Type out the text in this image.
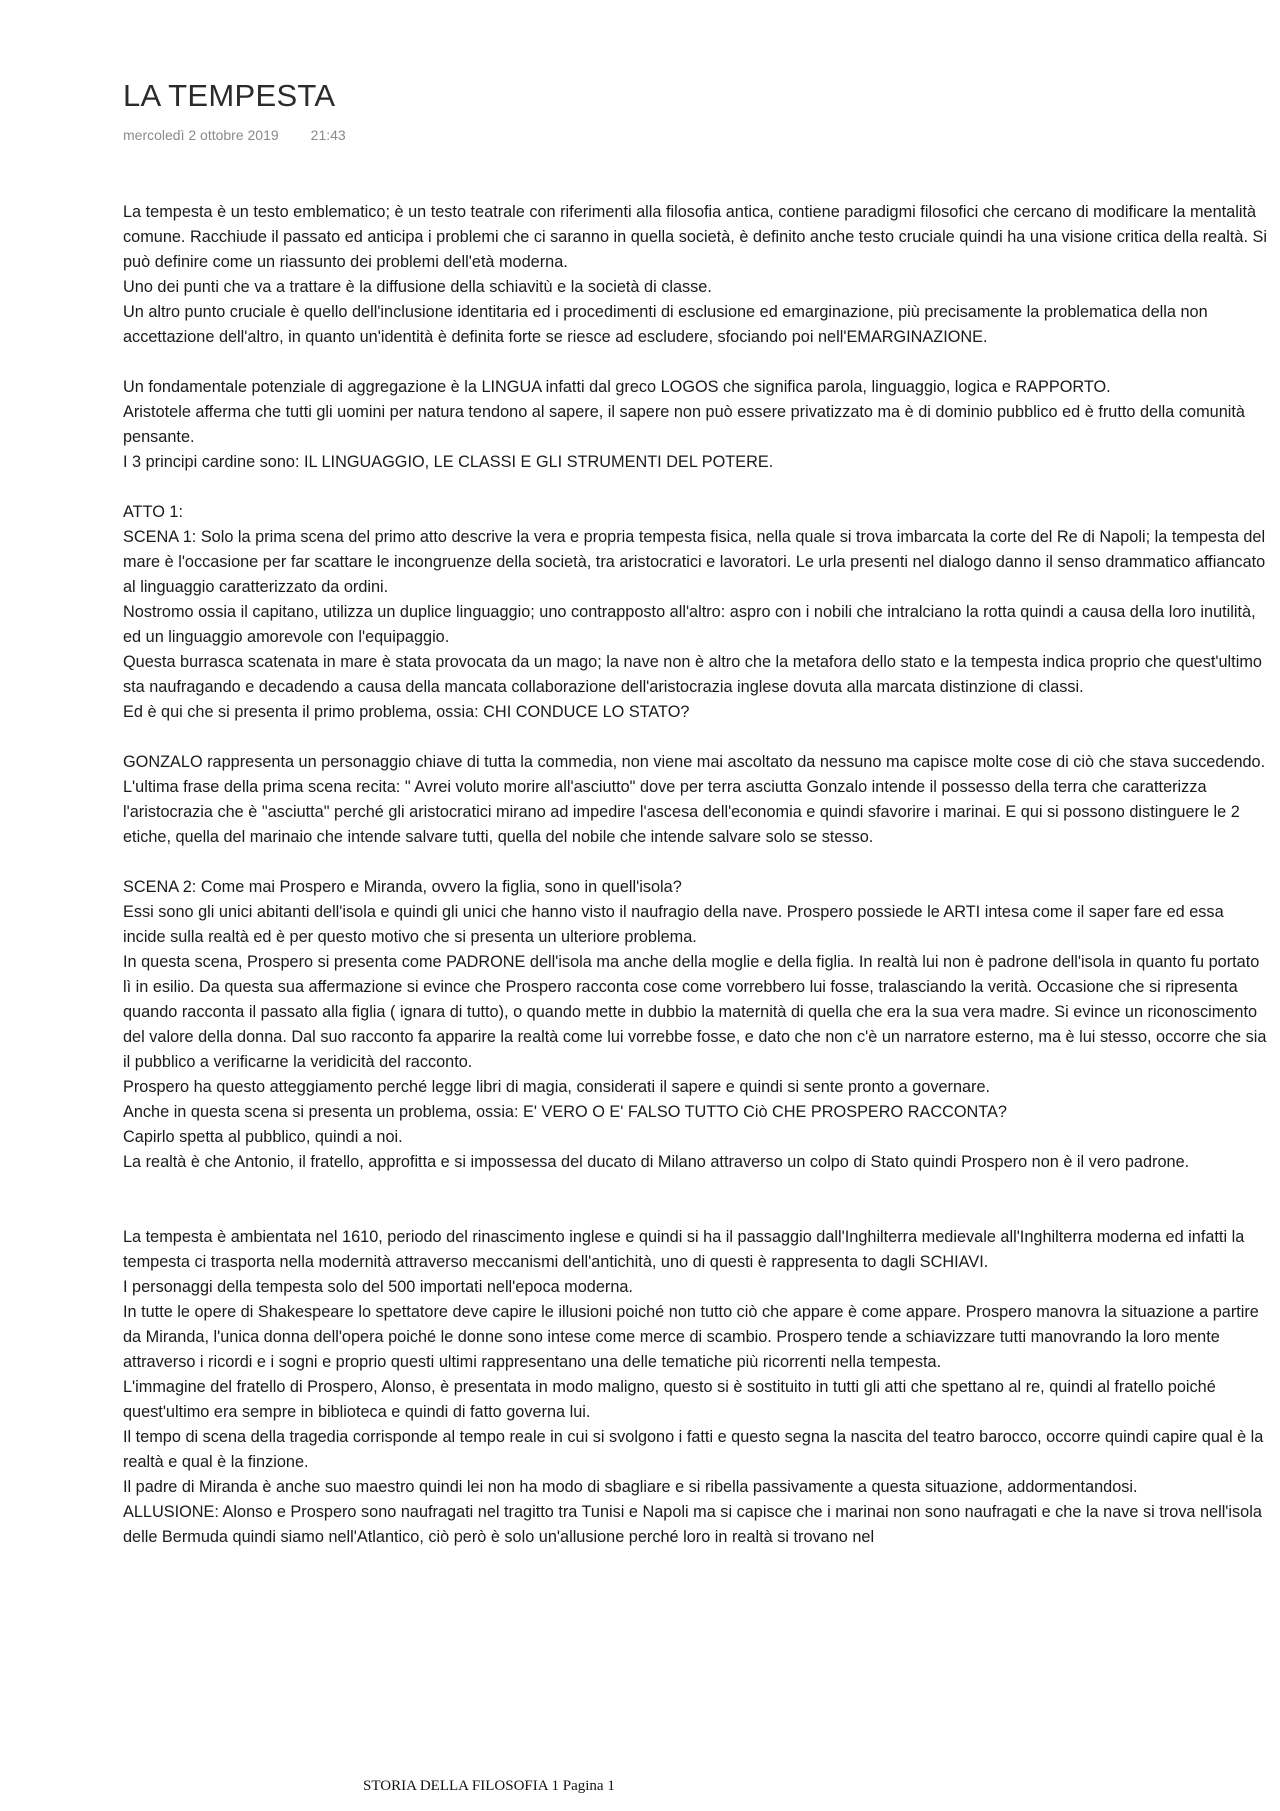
LA TEMPESTA
mercoledì 2 ottobre 2019 21:43

La tempesta è un testo emblematico; è un testo teatrale con riferimenti alla filosofia antica, contiene paradigmi filosofici che cercano di modificare la mentalità comune. Racchiude il passato ed anticipa i problemi che ci saranno in quella società, è definito anche testo cruciale quindi ha una visione critica della realtà. Si può definire come un riassunto dei problemi dell'età moderna.

Uno dei punti che va a trattare è la diffusione della schiavitù e la società di classe.

Un altro punto cruciale è quello dell'inclusione identitaria ed i procedimenti di esclusione ed emarginazione, più precisamente la problematica della non accettazione dell'altro, in quanto un'identità è definita forte se riesce ad escludere, sfociando poi nell'EMARGINAZIONE.

Un fondamentale potenziale di aggregazione è la LINGUA infatti dal greco LOGOS che significa parola, linguaggio, logica e RAPPORTO.

Aristotele afferma che tutti gli uomini per natura tendono al sapere, il sapere non può essere privatizzato ma è di dominio pubblico ed è frutto della comunità pensante.

I 3 principi cardine sono: IL LINGUAGGIO, LE CLASSI E GLI STRUMENTI DEL POTERE.

ATTO 1:

SCENA 1: Solo la prima scena del primo atto descrive la vera e propria tempesta fisica, nella quale si trova imbarcata la corte del Re di Napoli; la tempesta del mare è l'occasione per far scattare le incongruenze della società, tra aristocratici e lavoratori. Le urla presenti nel dialogo danno il senso drammatico affiancato al linguaggio caratterizzato da ordini.

Nostromo ossia il capitano, utilizza un duplice linguaggio; uno contrapposto all'altro: aspro con i nobili che intralciano la rotta quindi a causa della loro inutilità, ed un linguaggio amorevole con l'equipaggio.

Questa burrasca scatenata in mare è stata provocata da un mago; la nave non è altro che la metafora dello stato e la tempesta indica proprio che quest'ultimo sta naufragando e decadendo a causa della mancata collaborazione dell'aristocrazia inglese dovuta alla marcata distinzione di classi.

Ed è qui che si presenta il primo problema, ossia: CHI CONDUCE LO STATO?

GONZALO rappresenta un personaggio chiave di tutta la commedia, non viene mai ascoltato da nessuno ma capisce molte cose di ciò che stava succedendo. L'ultima frase della prima scena recita: " Avrei voluto morire all'asciutto" dove per terra asciutta Gonzalo intende il possesso della terra che caratterizza l'aristocrazia che è "asciutta" perché gli aristocratici mirano ad impedire l'ascesa dell'economia e quindi sfavorire i marinai. E qui si possono distinguere le 2 etiche, quella del marinaio che intende salvare tutti, quella del nobile che intende salvare solo se stesso.

SCENA 2: Come mai Prospero e Miranda, ovvero la figlia, sono in quell'isola?

Essi sono gli unici abitanti dell'isola e quindi gli unici che hanno visto il naufragio della nave. Prospero possiede le ARTI intesa come il saper fare ed essa incide sulla realtà ed è per questo motivo che si presenta un ulteriore problema.

In questa scena, Prospero si presenta come PADRONE dell'isola ma anche della moglie e della figlia. In realtà lui non è padrone dell'isola in quanto fu portato lì in esilio. Da questa sua affermazione si evince che Prospero racconta cose come vorrebbero lui fosse, tralasciando la verità. Occasione che si ripresenta quando racconta il passato alla figlia ( ignara di tutto), o quando mette in dubbio la maternità di quella che era la sua vera madre. Si evince un riconoscimento del valore della donna. Dal suo racconto fa apparire la realtà come lui vorrebbe fosse, e dato che non c'è un narratore esterno, ma è lui stesso, occorre che sia il pubblico a verificarne la veridicità del racconto.

Prospero ha questo atteggiamento perché legge libri di magia, considerati il sapere e quindi si sente pronto a governare.

Anche in questa scena si presenta un problema, ossia: E' VERO O E' FALSO TUTTO Ciò CHE PROSPERO RACCONTA?

Capirlo spetta al pubblico, quindi a noi.

La realtà è che Antonio, il fratello, approfitta e si impossessa del ducato di Milano attraverso un colpo di Stato quindi Prospero non è il vero padrone.

La tempesta è ambientata nel 1610, periodo del rinascimento inglese e quindi si ha il passaggio dall'Inghilterra medievale all'Inghilterra moderna ed infatti la tempesta ci trasporta nella modernità attraverso meccanismi dell'antichità, uno di questi è rappresenta to dagli SCHIAVI.

I personaggi della tempesta solo del 500 importati nell'epoca moderna.

In tutte le opere di Shakespeare lo spettatore deve capire le illusioni poiché non tutto ciò che appare è come appare. Prospero manovra la situazione a partire da Miranda, l'unica donna dell'opera poiché le donne sono intese come merce di scambio. Prospero tende a schiavizzare tutti manovrando la loro mente attraverso i ricordi e i sogni e proprio questi ultimi rappresentano una delle tematiche più ricorrenti nella tempesta.

L'immagine del fratello di Prospero, Alonso, è presentata in modo maligno, questo si è sostituito in tutti gli atti che spettano al re, quindi al fratello poiché quest'ultimo era sempre in biblioteca e quindi di fatto governa lui.

Il tempo di scena della tragedia corrisponde al tempo reale in cui si svolgono i fatti e questo segna la nascita del teatro barocco, occorre quindi capire qual è la realtà e qual è la finzione.

Il padre di Miranda è anche suo maestro quindi lei non ha modo di sbagliare e si ribella passivamente a questa situazione, addormentandosi.

ALLUSIONE: Alonso e Prospero sono naufragati nel tragitto tra Tunisi e Napoli ma si capisce che i marinai non sono naufragati e che la nave si trova nell'isola delle Bermuda quindi siamo nell'Atlantico, ciò però è solo un'allusione perché loro in realtà si trovano nel

STORIA DELLA FILOSOFIA 1 Pagina 1
